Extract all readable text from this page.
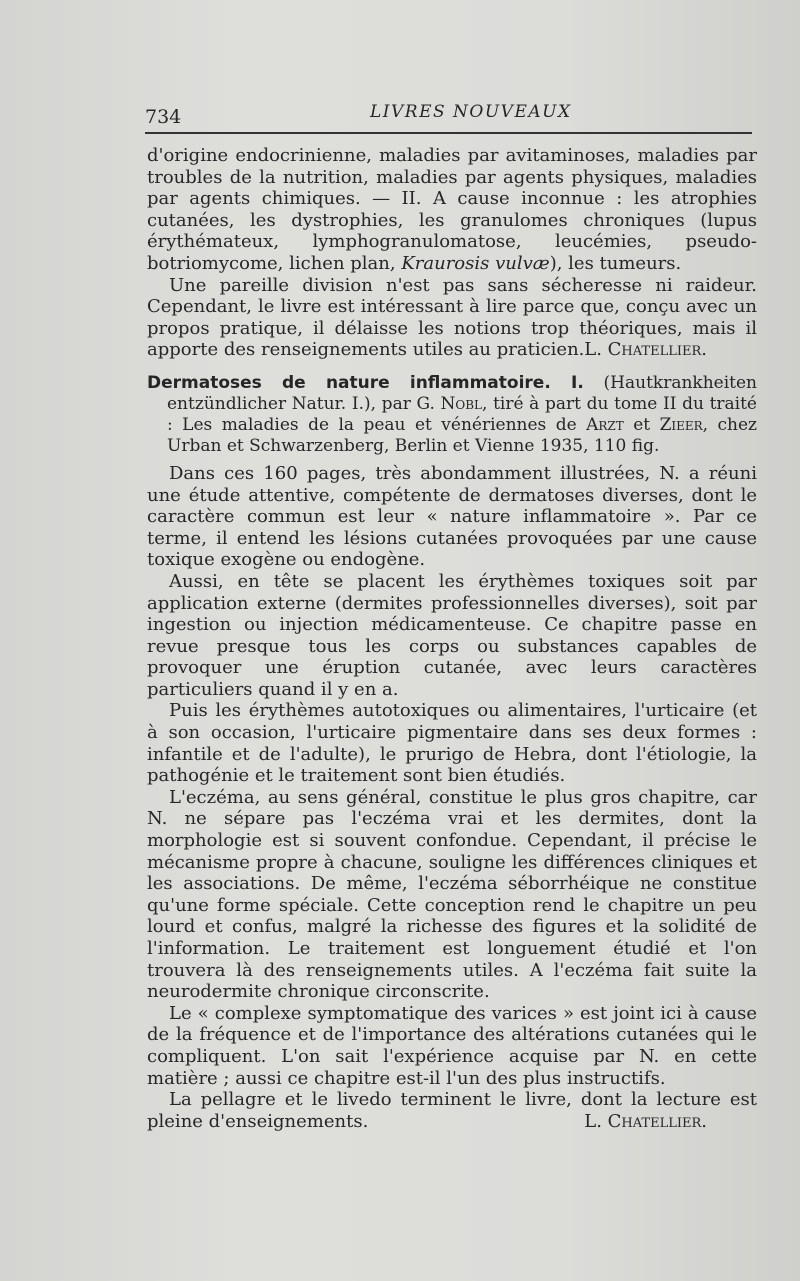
734	LIVRES NOUVEAUX

d'origine endocrinienne, maladies par avitaminoses, maladies par troubles de la nutrition, maladies par agents physiques, maladies par agents chimiques. — II. A cause inconnue : les atrophies cutanées, les dystrophies, les granulomes chroniques (lupus érythémateux, lymphogranulomatose, leucémies, pseudo-botriomycome, lichen plan, Kraurosis vulvæ), les tumeurs.

Une pareille division n'est pas sans sécheresse ni raideur. Cependant, le livre est intéressant à lire parce que, conçu avec un propos pratique, il délaisse les notions trop théoriques, mais il apporte des renseignements utiles au praticien. L. Chatellier.

Dermatoses de nature inflammatoire. I. (Hautkrankheiten entzündlicher Natur. I.), par G. Nobl, tiré à part du tome II du traité : Les maladies de la peau et vénériennes de Arzt et Zieer, chez Urban et Schwarzenberg, Berlin et Vienne 1935, 110 fig.

Dans ces 160 pages, très abondamment illustrées, N. a réuni une étude attentive, compétente de dermatoses diverses, dont le caractère commun est leur « nature inflammatoire ». Par ce terme, il entend les lésions cutanées provoquées par une cause toxique exogène ou endogène.

Aussi, en tête se placent les érythèmes toxiques soit par application externe (dermites professionnelles diverses), soit par ingestion ou injection médicamenteuse. Ce chapitre passe en revue presque tous les corps ou substances capables de provoquer une éruption cutanée, avec leurs caractères particuliers quand il y en a.

Puis les érythèmes autotoxiques ou alimentaires, l'urticaire (et à son occasion, l'urticaire pigmentaire dans ses deux formes : infantile et de l'adulte), le prurigo de Hebra, dont l'étiologie, la pathogénie et le traitement sont bien étudiés.

L'eczéma, au sens général, constitue le plus gros chapitre, car N. ne sépare pas l'eczéma vrai et les dermites, dont la morphologie est si souvent confondue. Cependant, il précise le mécanisme propre à chacune, souligne les différences cliniques et les associations. De même, l'eczéma séborrhéique ne constitue qu'une forme spéciale. Cette conception rend le chapitre un peu lourd et confus, malgré la richesse des figures et la solidité de l'information. Le traitement est longuement étudié et l'on trouvera là des renseignements utiles. A l'eczéma fait suite la neurodermite chronique circonscrite.

Le « complexe symptomatique des varices » est joint ici à cause de la fréquence et de l'importance des altérations cutanées qui le compliquent. L'on sait l'expérience acquise par N. en cette matière ; aussi ce chapitre est-il l'un des plus instructifs.

La pellagre et le livedo terminent le livre, dont la lecture est pleine d'enseignements.	L. Chatellier.
